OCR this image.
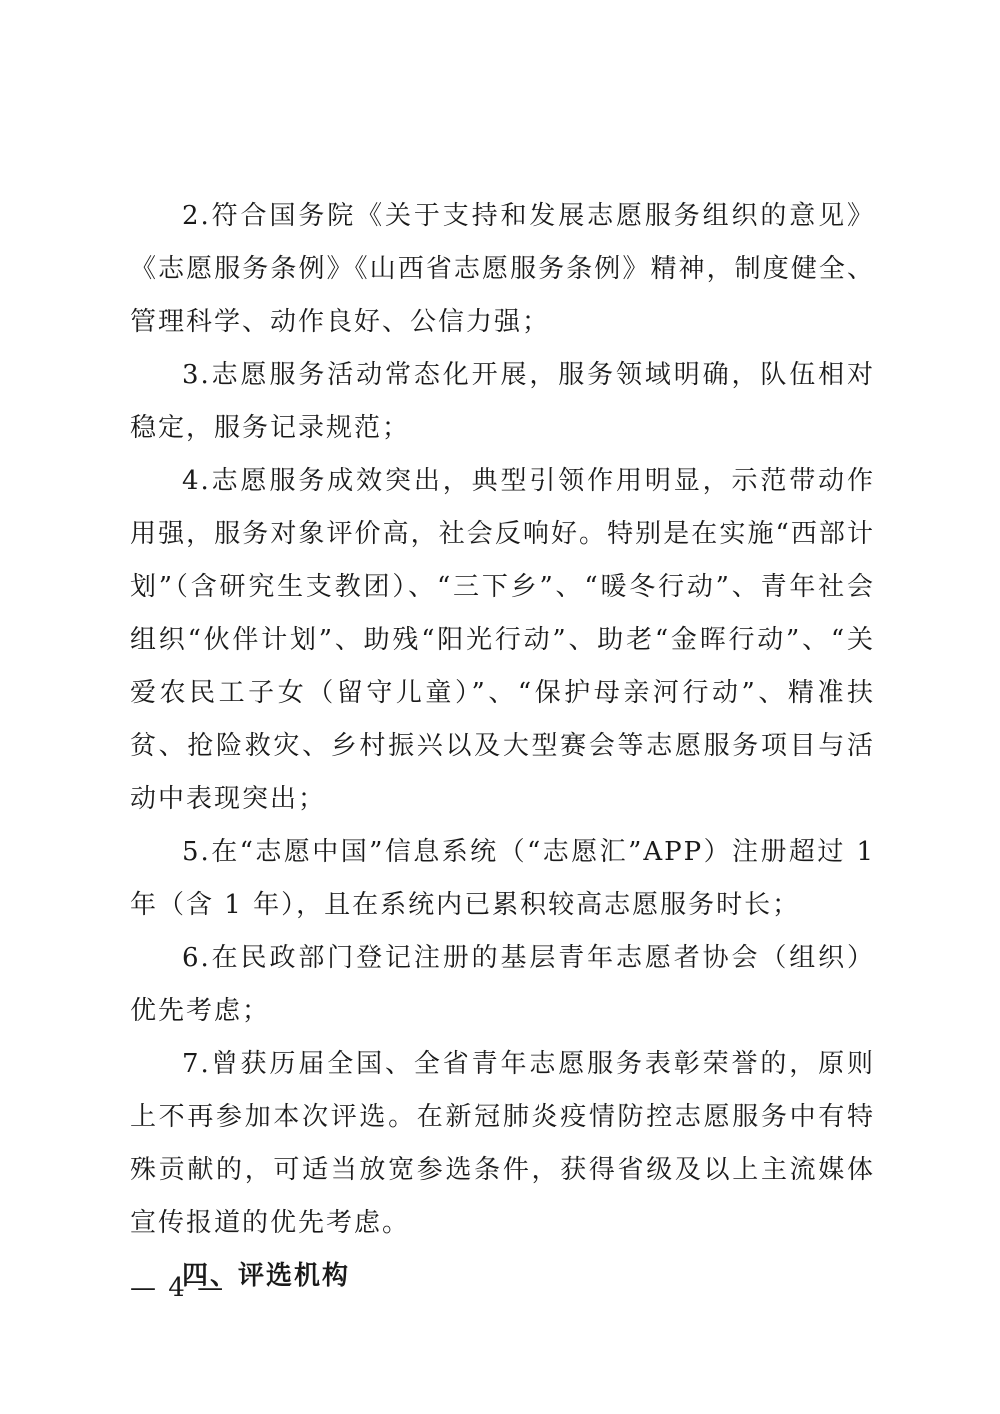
2.符合国务院《关于支持和发展志愿服务组织的意见》《志愿服务条例》《山西省志愿服务条例》精神，制度健全、管理科学、动作良好、公信力强；

3.志愿服务活动常态化开展，服务领域明确，队伍相对稳定，服务记录规范；

4.志愿服务成效突出，典型引领作用明显，示范带动作用强，服务对象评价高，社会反响好。特别是在实施“西部计划”（含研究生支教团）、“三下乡”、“暖冬行动”、青年社会组织“伙伴计划”、助残“阳光行动”、助老“金晖行动”、“关爱农民工子女（留守儿童）”、“保护母亲河行动”、精准扶贫、抢险救灾、乡村振兴以及大型赛会等志愿服务项目与活动中表现突出；

5.在“志愿中国”信息系统（“志愿汇”APP）注册超过 1 年（含 1 年），且在系统内已累积较高志愿服务时长；

6.在民政部门登记注册的基层青年志愿者协会（组织）优先考虑；

7.曾获历届全国、全省青年志愿服务表彰荣誉的，原则上不再参加本次评选。在新冠肺炎疫情防控志愿服务中有特殊贡献的，可适当放宽参选条件，获得省级及以上主流媒体宣传报道的优先考虑。

四、评选机构

— 4 —
